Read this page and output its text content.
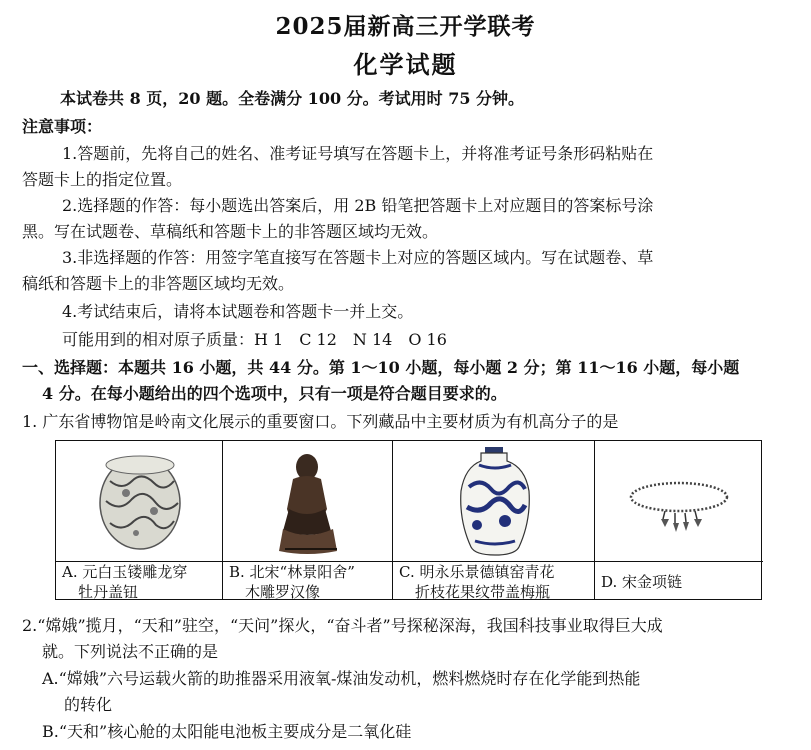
2025届新高三开学联考
化学试题
本试卷共 8 页，20 题。全卷满分 100 分。考试用时 75 分钟。
注意事项：
1.答题前，先将自己的姓名、准考证号填写在答题卡上，并将准考证号条形码粘贴在
答题卡上的指定位置。
2.选择题的作答：每小题选出答案后，用 2B 铅笔把答题卡上对应题目的答案标号涂
黑。写在试题卷、草稿纸和答题卡上的非答题区域均无效。
3.非选择题的作答：用签字笔直接写在答题卡上对应的答题区域内。写在试题卷、草
稿纸和答题卡上的非答题区域均无效。
4.考试结束后，请将本试题卷和答题卡一并上交。
可能用到的相对原子质量：H 1　C 12　N 14　O 16
一、选择题：本题共 16 小题，共 44 分。第 1～10 小题，每小题 2 分；第 11～16 小题，每小题
4 分。在每小题给出的四个选项中，只有一项是符合题目要求的。
1. 广东省博物馆是岭南文化展示的重要窗口。下列藏品中主要材质为有机高分子的是
A. 元白玉镂雕龙穿
牡丹盖钮
B. 北宋“林景阳舍”
木雕罗汉像
C. 明永乐景德镇窑青花
折枝花果纹带盖梅瓶
D. 宋金项链
2.“嫦娥”揽月，“天和”驻空，“天问”探火，“奋斗者”号探秘深海，我国科技事业取得巨大成
就。下列说法不正确的是
A.“嫦娥”六号运载火箭的助推器采用液氧-煤油发动机，燃料燃烧时存在化学能到热能
的转化
B.“天和”核心舱的太阳能电池板主要成分是二氧化硅
